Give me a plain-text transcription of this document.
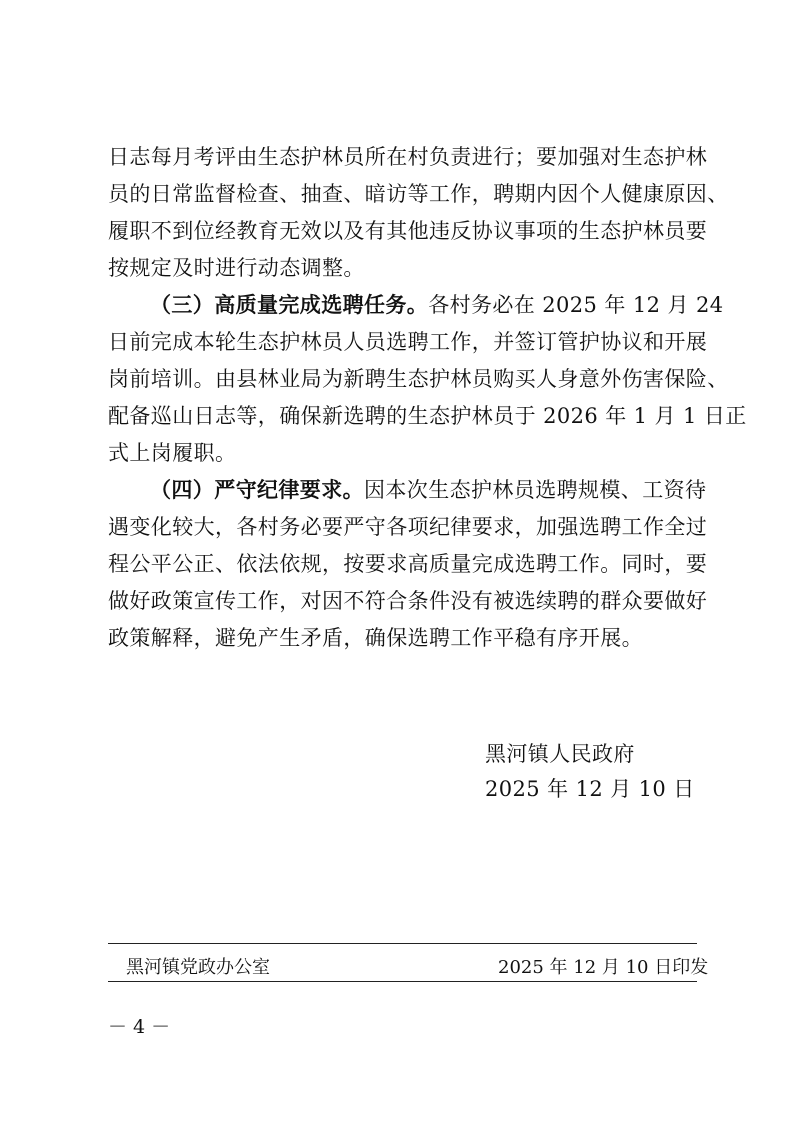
日志每月考评由生态护林员所在村负责进行；要加强对生态护林
员的日常监督检查、抽查、暗访等工作，聘期内因个人健康原因、
履职不到位经教育无效以及有其他违反协议事项的生态护林员要
按规定及时进行动态调整。
（三）高质量完成选聘任务。各村务必在 2025 年 12 月 24
日前完成本轮生态护林员人员选聘工作，并签订管护协议和开展
岗前培训。由县林业局为新聘生态护林员购买人身意外伤害保险、
配备巡山日志等，确保新选聘的生态护林员于 2026 年 1 月 1 日正
式上岗履职。
（四）严守纪律要求。因本次生态护林员选聘规模、工资待
遇变化较大，各村务必要严守各项纪律要求，加强选聘工作全过
程公平公正、依法依规，按要求高质量完成选聘工作。同时，要
做好政策宣传工作，对因不符合条件没有被选续聘的群众要做好
政策解释，避免产生矛盾，确保选聘工作平稳有序开展。
黑河镇人民政府
2025 年 12 月 10 日
黑河镇党政办公室	2025 年 12 月 10 日印发
－ 4 －
